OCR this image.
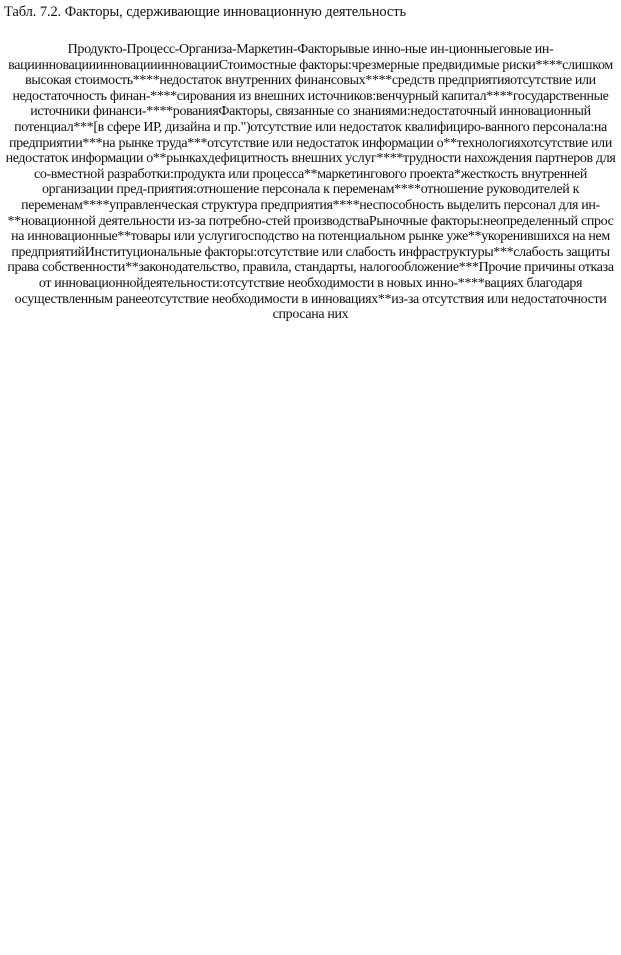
Табл. 7.2. Факторы, сдерживающие инновационную деятельность

Продукто-Процесс-Организа-Маркетин-Факторывые инно-ные ин-ционныеговые ин-вациинновацииинновацииинновацииСтоимостные факторы:чрезмерные предвидимые риски****слишком высокая стоимость****недостаток внутренних финансовых****средств предприятияотсутствие или недостаточность финан-****сирования из внешних источников:венчурный капитал****государственные источники финанси-****рованияФакторы, связанные со знаниями:недостаточный инновационный потенциал***[в сфере ИР, дизайна и пр.")отсутствие или недостаток квалифициро-ванного персонала:на предприятии***на рынке труда***отсутствие или недостаток информации о**технологияхотсутствие или недостаток информации о**рынкахдефицитность внешних услуг****трудности нахождения партнеров для со-вместной разработки:продукта или процесса**маркетингового проекта*жесткость внутренней организации пред-приятия:отношение персонала к переменам****отношение руководителей к переменам****управленческая структура предприятия****неспособность выделить персонал для ин-**новационной деятельности из-за потребно-стей производстваРыночные факторы:неопределенный спрос на инновационные**товары или услугигосподство на потенциальном рынке уже**укоренившихся на нем предприятийИнституциональные факторы:отсутствие или слабость инфраструктуры***слабость защиты права собственности**законодательство, правила, стандарты, налогообложение***Прочие причины отказа от инновационнойдеятельности:отсутствие необходимости в новых инно-****вациях благодаря осуществленным ранееотсутствие необходимости в инновациях**из-за отсутствия или недостаточности спросана них
